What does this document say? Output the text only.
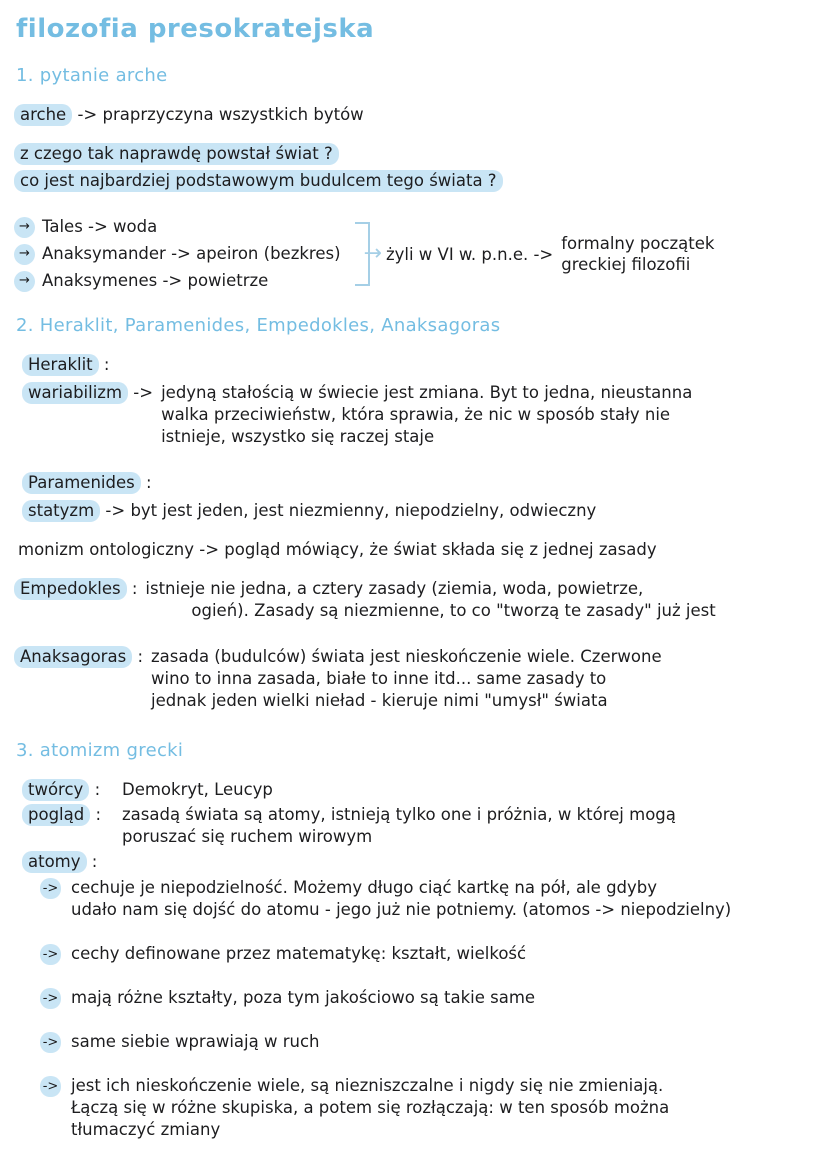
filozofia presokratejska
1. pytanie arche
arche -> praprzyczyna wszystkich bytów
z czego tak naprawdę powstał świat ?
co jest najbardziej podstawowym budulcem tego świata ?
→ Tales -> woda
→ Anaksymander -> apeiron (bezkres)
→ Anaksymenes -> powietrze
→ żyli w VI w. p.n.e. ->
formalny początek
greckiej filozofii
2. Heraklit, Paramenides, Empedokles, Anaksagoras
Heraklit :
wariabilizm -> jedyną stałością w świecie jest zmiana. Byt to jedna, nieustanna
walka przeciwieństw, która sprawia, że nic w sposób stały nie
istnieje, wszystko się raczej staje
Paramenides :
statyzm -> byt jest jeden, jest niezmienny, niepodzielny, odwieczny
monizm ontologiczny -> pogląd mówiący, że świat składa się z jednej zasady
Empedokles : istnieje nie jedna, a cztery zasady (ziemia, woda, powietrze,
ogień). Zasady są niezmienne, to co "tworzą te zasady" już jest
Anaksagoras : zasada (budulców) świata jest nieskończenie wiele. Czerwone
wino to inna zasada, białe to inne itd... same zasady to
jednak jeden wielki nieład - kieruje nimi "umysł" świata
3. atomizm grecki
twórcy :	Demokryt, Leucyp
pogląd :	zasadą świata są atomy, istnieją tylko one i próżnia, w której mogą
poruszać się ruchem wirowym
atomy :
-> cechuje je niepodzielność. Możemy długo ciąć kartkę na pół, ale gdyby
udało nam się dojść do atomu - jego już nie potniemy. (atomos -> niepodzielny)
-> cechy definowane przez matematykę: kształt, wielkość
-> mają różne kształty, poza tym jakościowo są takie same
-> same siebie wprawiają w ruch
-> jest ich nieskończenie wiele, są niezniszczalne i nigdy się nie zmieniają.
Łączą się w różne skupiska, a potem się rozłączają: w ten sposób można
tłumaczyć zmiany
